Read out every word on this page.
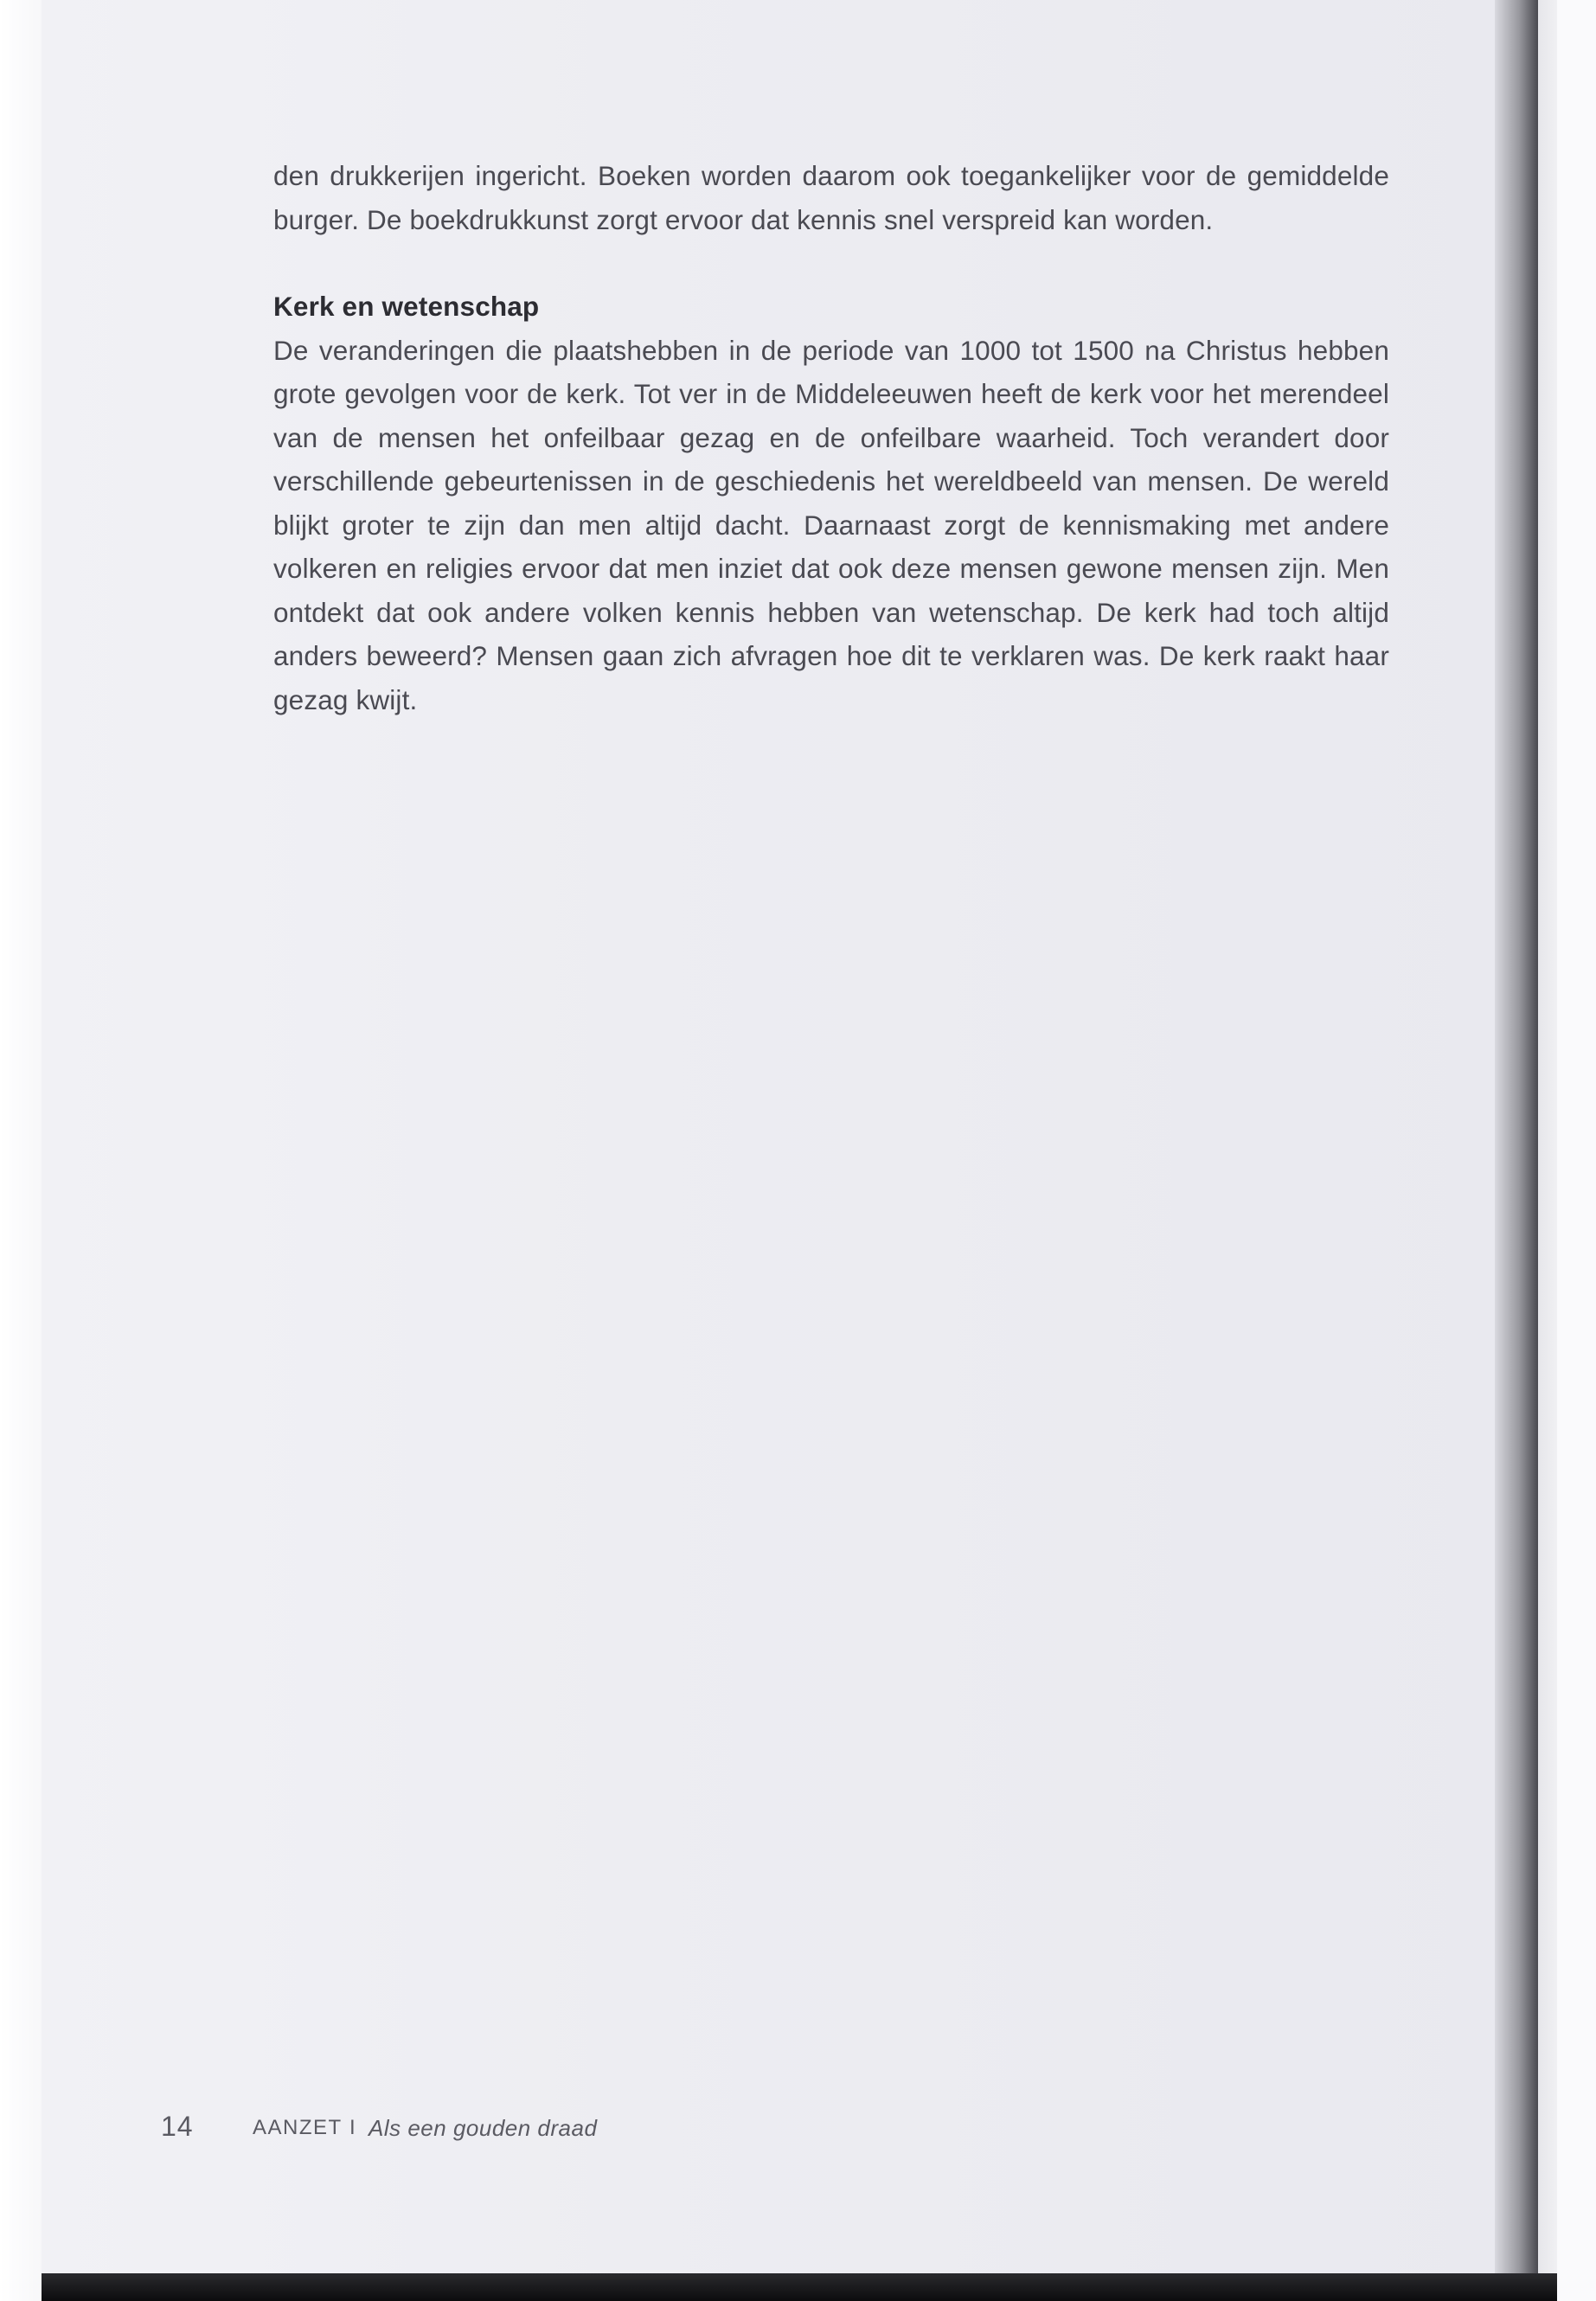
den drukkerijen ingericht. Boeken worden daarom ook toegankelijker voor de gemiddelde burger. De boekdrukkunst zorgt ervoor dat kennis snel verspreid kan worden.

Kerk en wetenschap

De veranderingen die plaatshebben in de periode van 1000 tot 1500 na Christus hebben grote gevolgen voor de kerk. Tot ver in de Middeleeuwen heeft de kerk voor het merendeel van de mensen het onfeilbaar gezag en de onfeilbare waarheid. Toch verandert door verschillende gebeurtenissen in de geschiedenis het wereldbeeld van mensen. De wereld blijkt groter te zijn dan men altijd dacht. Daarnaast zorgt de kennismaking met andere volkeren en religies ervoor dat men inziet dat ook deze mensen gewone mensen zijn. Men ontdekt dat ook andere volken kennis hebben van wetenschap. De kerk had toch altijd anders beweerd? Mensen gaan zich afvragen hoe dit te verklaren was. De kerk raakt haar gezag kwijt.

14	AANZET I Als een gouden draad
